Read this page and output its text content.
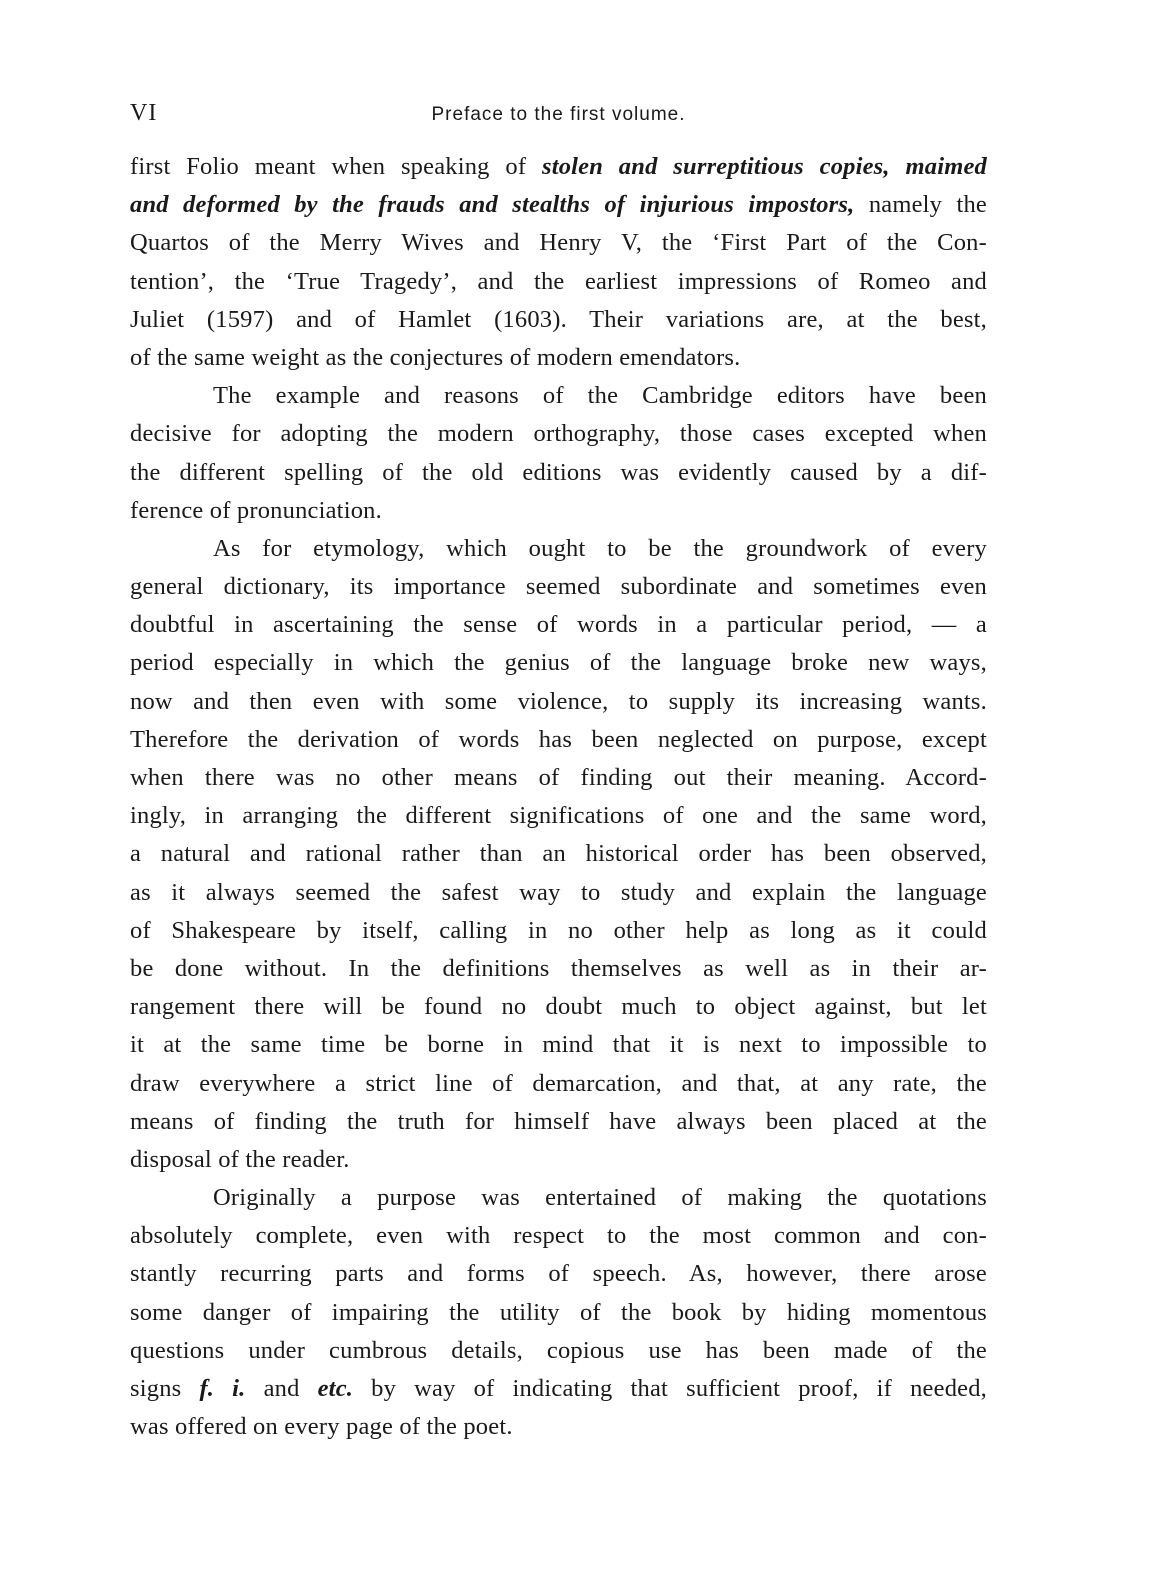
VI	Preface to the first volume.
first Folio meant when speaking of stolen and surreptitious copies, maimed
and deformed by the frauds and stealths of injurious impostors, namely the
Quartos of the Merry Wives and Henry V, the ‘First Part of the Con-
tention’, the ‘True Tragedy’, and the earliest impressions of Romeo and
Juliet (1597) and of Hamlet (1603). Their variations are, at the best,
of the same weight as the conjectures of modern emendators.
The example and reasons of the Cambridge editors have been
decisive for adopting the modern orthography, those cases excepted when
the different spelling of the old editions was evidently caused by a dif-
ference of pronunciation.
As for etymology, which ought to be the groundwork of every
general dictionary, its importance seemed subordinate and sometimes even
doubtful in ascertaining the sense of words in a particular period, — a
period especially in which the genius of the language broke new ways,
now and then even with some violence, to supply its increasing wants.
Therefore the derivation of words has been neglected on purpose, except
when there was no other means of finding out their meaning. Accord-
ingly, in arranging the different significations of one and the same word,
a natural and rational rather than an historical order has been observed,
as it always seemed the safest way to study and explain the language
of Shakespeare by itself, calling in no other help as long as it could
be done without. In the definitions themselves as well as in their ar-
rangement there will be found no doubt much to object against, but let
it at the same time be borne in mind that it is next to impossible to
draw everywhere a strict line of demarcation, and that, at any rate, the
means of finding the truth for himself have always been placed at the
disposal of the reader.
Originally a purpose was entertained of making the quotations
absolutely complete, even with respect to the most common and con-
stantly recurring parts and forms of speech. As, however, there arose
some danger of impairing the utility of the book by hiding momentous
questions under cumbrous details, copious use has been made of the
signs f. i. and etc. by way of indicating that sufficient proof, if needed,
was offered on every page of the poet.
